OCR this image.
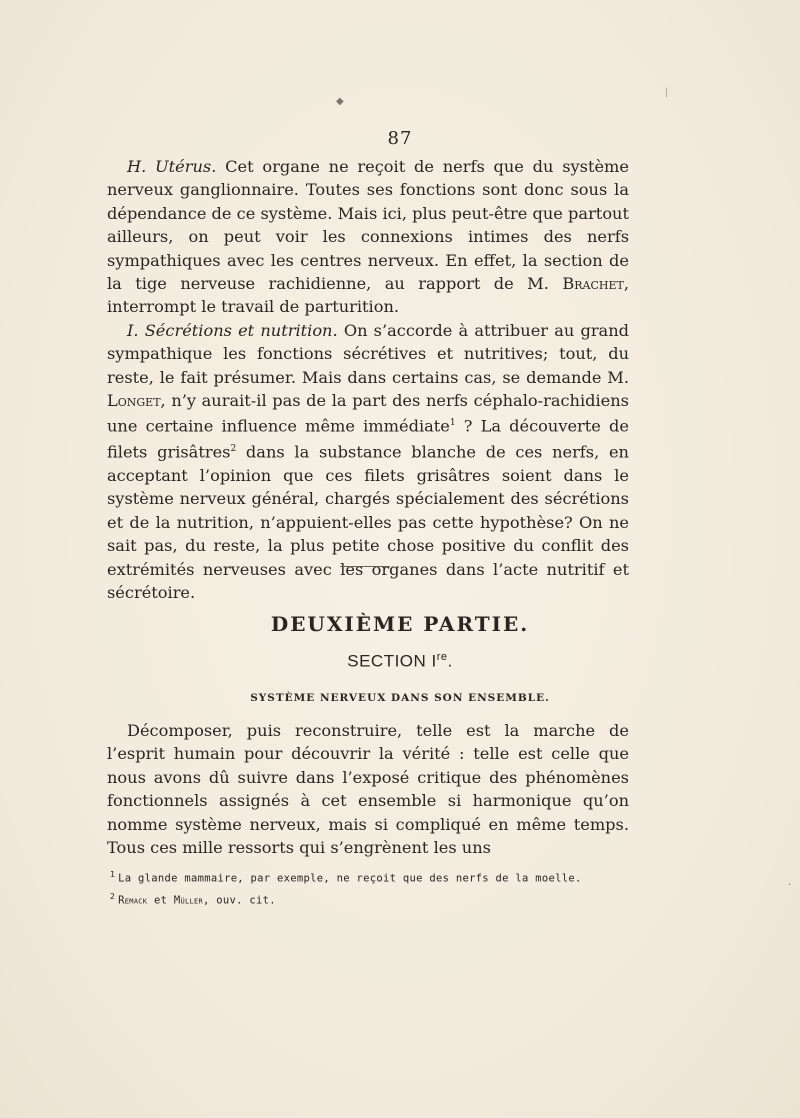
87

H. Utérus. Cet organe ne reçoit de nerfs que du système nerveux ganglionnaire. Toutes ses fonctions sont donc sous la dépendance de ce système. Mais ici, plus peut-être que partout ailleurs, on peut voir les connexions intimes des nerfs sympathiques avec les centres nerveux. En effet, la section de la tige nerveuse rachidienne, au rapport de M. Brachet, interrompt le travail de parturition.

I. Sécrétions et nutrition. On s’accorde à attribuer au grand sympathique les fonctions sécrétives et nutritives; tout, du reste, le fait présumer. Mais dans certains cas, se demande M. Longet, n’y aurait-il pas de la part des nerfs céphalo-rachidiens une certaine influence même immédiate$^1$ ? La découverte de filets grisâtres$^2$ dans la substance blanche de ces nerfs, en acceptant l’opinion que ces filets grisâtres soient dans le système nerveux général, chargés spécialement des sécrétions et de la nutrition, n’appuient-elles pas cette hypothèse? On ne sait pas, du reste, la plus petite chose positive du conflit des extrémités nerveuses avec les organes dans l’acte nutritif et sécrétoire.

DEUXIÈME PARTIE.
SECTION Ire.
SYSTÈME NERVEUX DANS SON ENSEMBLE.

Décomposer, puis reconstruire, telle est la marche de l’esprit humain pour découvrir la vérité : telle est celle que nous avons dû suivre dans l’exposé critique des phénomènes fonctionnels assignés à cet ensemble si harmonique qu’on nomme système nerveux, mais si compliqué en même temps. Tous ces mille ressorts qui s’engrènent les uns

$^1$ La glande mammaire, par exemple, ne reçoit que des nerfs de la moelle.
$^2$ Remack et Müller, ouv. cit.
◆
⟍
·
